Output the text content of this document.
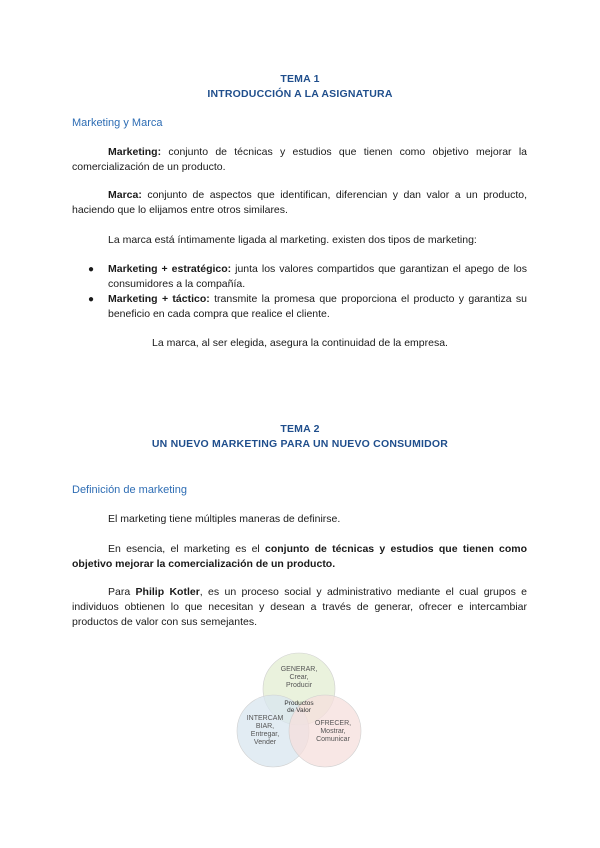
TEMA 1
INTRODUCCIÓN A LA ASIGNATURA
Marketing y Marca

Marketing: conjunto de técnicas y estudios que tienen como objetivo mejorar la comercialización de un producto.

Marca: conjunto de aspectos que identifican, diferencian y dan valor a un producto, haciendo que lo elijamos entre otros similares.

La marca está íntimamente ligada al marketing. existen dos tipos de marketing:

● Marketing + estratégico: junta los valores compartidos que garantizan el apego de los consumidores a la compañía.
● Marketing + táctico: transmite la promesa que proporciona el producto y garantiza su beneficio en cada compra que realice el cliente.
La marca, al ser elegida, asegura la continuidad de la empresa.
TEMA 2
UN NUEVO MARKETING PARA UN NUEVO CONSUMIDOR
Definición de marketing

El marketing tiene múltiples maneras de definirse.

En esencia, el marketing es el conjunto de técnicas y estudios que tienen como objetivo mejorar la comercialización de un producto.

Para Philip Kotler, es un proceso social y administrativo mediante el cual grupos e individuos obtienen lo que necesitan y desean a través de generar, ofrecer e intercambiar productos de valor con sus semejantes.

GENERAR,
Crear,
Producir
Productos
de Valor
INTERCAM
BIAR,
Entregar,
Vender
OFRECER,
Mostrar,
Comunicar
